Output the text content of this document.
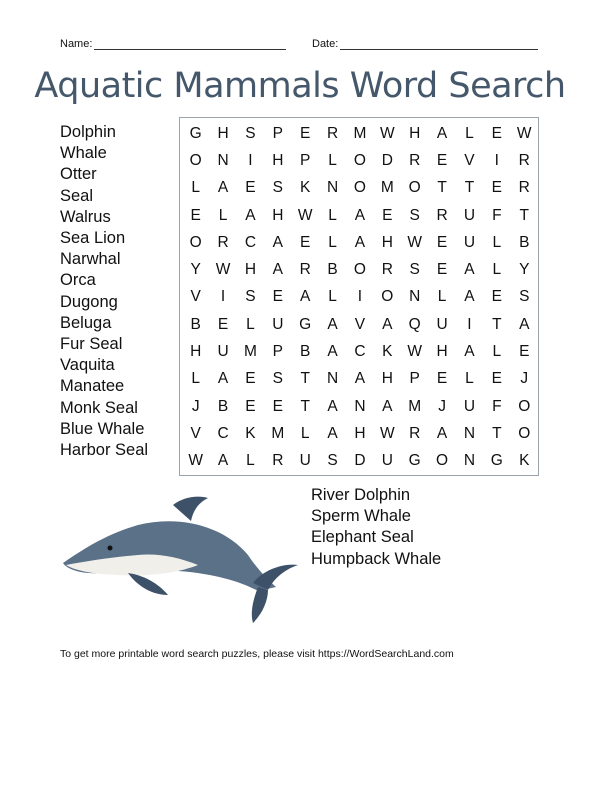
Name:	Date:
Aquatic Mammals Word Search
Dolphin
Whale
Otter
Seal
Walrus
Sea Lion
Narwhal
Orca
Dugong
Beluga
Fur Seal
Vaquita
Manatee
Monk Seal
Blue Whale
Harbor Seal
G	H	S	P	E	R	M	W	H	A	L	E	W
O	N	I	H	P	L	O	D	R	E	V	I	R
L	A	E	S	K	N	O	M	O	T	T	E	R
E	L	A	H	W	L	A	E	S	R	U	F	T
O	R	C	A	E	L	A	H	W	E	U	L	B
Y	W	H	A	R	B	O	R	S	E	A	L	Y
V	I	S	E	A	L	I	O	N	L	A	E	S
B	E	L	U	G	A	V	A	Q	U	I	T	A
H	U	M	P	B	A	C	K	W	H	A	L	E
L	A	E	S	T	N	A	H	P	E	L	E	J
J	B	E	E	T	A	N	A	M	J	U	F	O
V	C	K	M	L	A	H	W	R	A	N	T	O
W	A	L	R	U	S	D	U	G	O	N	G	K
River Dolphin
Sperm Whale
Elephant Seal
Humpback Whale
To get more printable word search puzzles, please visit https://WordSearchLand.com
